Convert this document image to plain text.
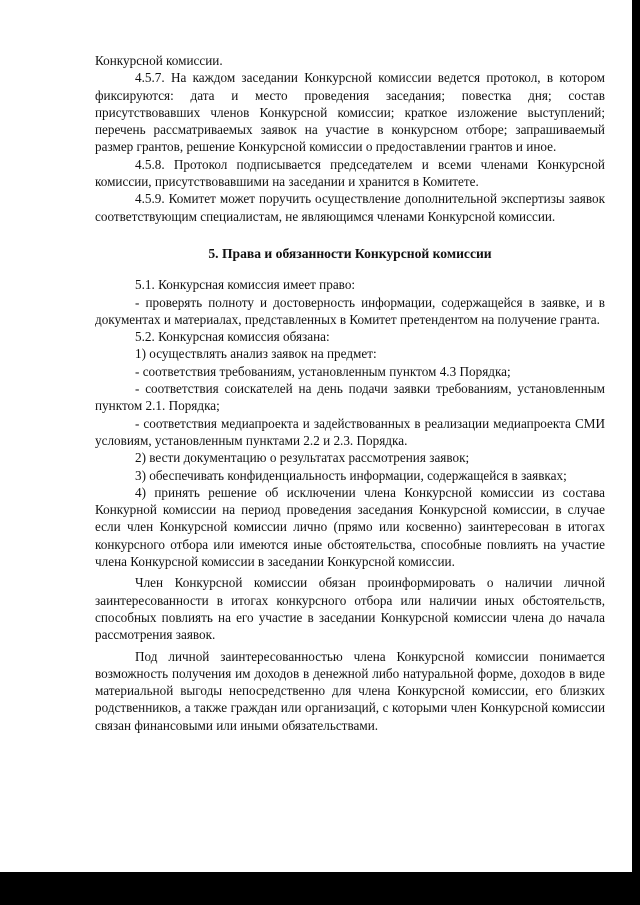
Конкурсной комиссии.

4.5.7. На каждом заседании Конкурсной комиссии ведется протокол, в котором фиксируются: дата и место проведения заседания; повестка дня; состав присутствовавших членов Конкурсной комиссии; краткое изложение выступлений; перечень рассматриваемых заявок на участие в конкурсном отборе; запрашиваемый размер грантов, решение Конкурсной комиссии о предоставлении грантов и иное.

4.5.8. Протокол подписывается председателем и всеми членами Конкурсной комиссии, присутствовавшими на заседании и хранится в Комитете.

4.5.9. Комитет может поручить осуществление дополнительной экспертизы заявок соответствующим специалистам, не являющимся членами Конкурсной комиссии.

5. Права и обязанности Конкурсной комиссии

5.1. Конкурсная комиссия имеет право:

- проверять полноту и достоверность информации, содержащейся в заявке, и в документах и материалах, представленных в Комитет претендентом на получение гранта.

5.2. Конкурсная комиссия обязана:

1) осуществлять анализ заявок на предмет:

- соответствия требованиям, установленным пунктом 4.3 Порядка;

- соответствия соискателей на день подачи заявки требованиям, установленным пунктом 2.1. Порядка;

- соответствия медиапроекта и задействованных в реализации медиапроекта СМИ условиям, установленным пунктами 2.2 и 2.3. Порядка.

2) вести документацию о результатах рассмотрения заявок;

3) обеспечивать конфиденциальность информации, содержащейся в заявках;

4) принять решение об исключении члена Конкурсной комиссии из состава Конкурной комиссии на период проведения заседания Конкурсной комиссии, в случае если член Конкурсной комиссии лично (прямо или косвенно) заинтересован в итогах конкурсного отбора или имеются иные обстоятельства, способные повлиять на участие члена Конкурсной комиссии в заседании Конкурсной комиссии.

Член Конкурсной комиссии обязан проинформировать о наличии личной заинтересованности в итогах конкурсного отбора или наличии иных обстоятельств, способных повлиять на его участие в заседании Конкурсной комиссии члена до начала рассмотрения заявок.

Под личной заинтересованностью члена Конкурсной комиссии понимается возможность получения им доходов в денежной либо натуральной форме, доходов в виде материальной выгоды непосредственно для члена Конкурсной комиссии, его близких родственников, а также граждан или организаций, с которыми член Конкурсной комиссии связан финансовыми или иными обязательствами.
